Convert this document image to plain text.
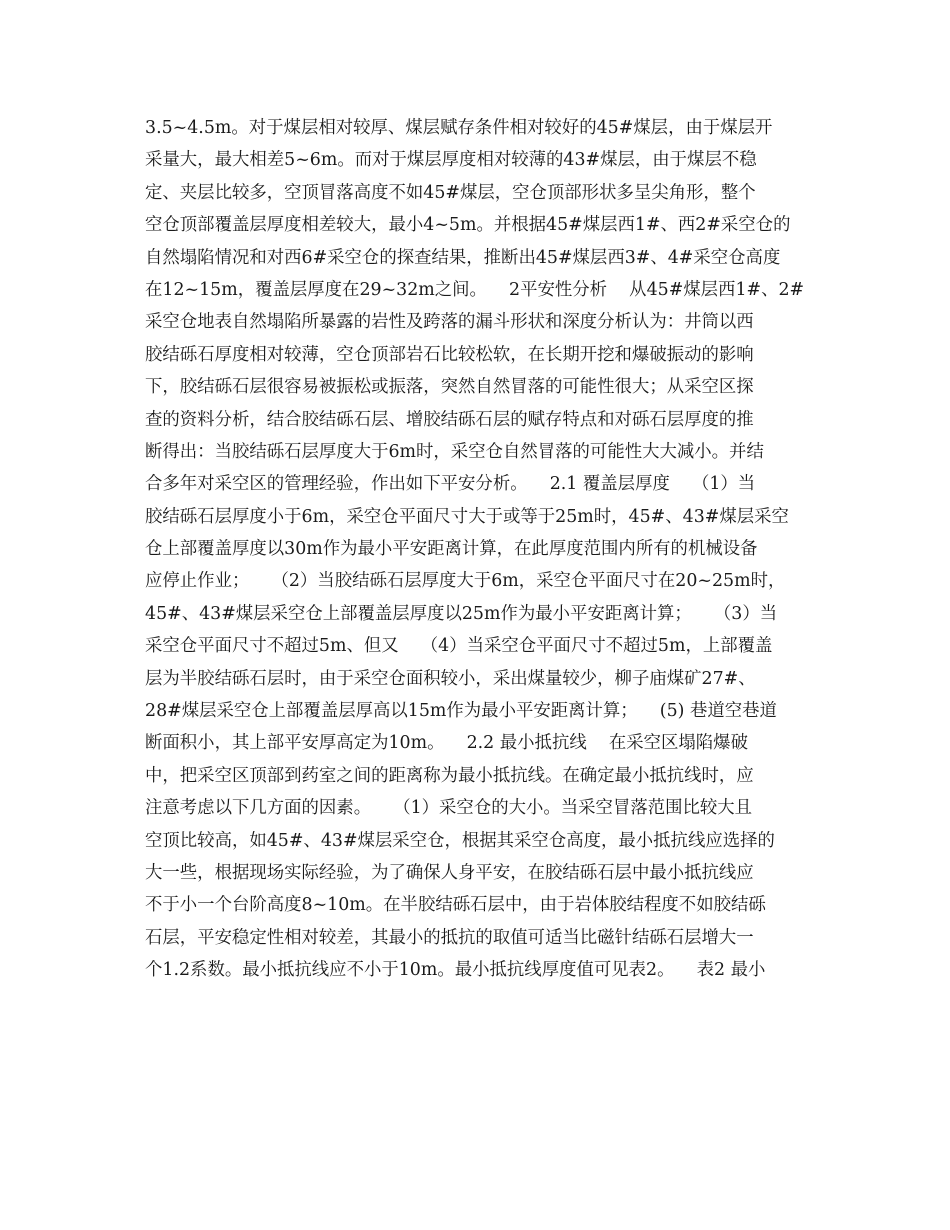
3.5~4.5m。对于煤层相对较厚、煤层赋存条件相对较好的45#煤层，由于煤层开
采量大，最大相差5~6m。而对于煤层厚度相对较薄的43#煤层，由于煤层不稳
定、夹层比较多，空顶冒落高度不如45#煤层，空仓顶部形状多呈尖角形，整个
空仓顶部覆盖层厚度相差较大，最小4~5m。并根据45#煤层西1#、西2#采空仓的
自然塌陷情况和对西6#采空仓的探查结果，推断出45#煤层西3#、4#采空仓高度
在12~15m，覆盖层厚度在29~32m之间。    2平安性分析    从45#煤层西1#、2#
采空仓地表自然塌陷所暴露的岩性及跨落的漏斗形状和深度分析认为：井筒以西
胶结砾石厚度相对较薄，空仓顶部岩石比较松软，在长期开挖和爆破振动的影响
下，胶结砾石层很容易被振松或振落，突然自然冒落的可能性很大；从采空区探
查的资料分析，结合胶结砾石层、增胶结砾石层的赋存特点和对砾石层厚度的推
断得出：当胶结砾石层厚度大于6m时，采空仓自然冒落的可能性大大减小。并结
合多年对采空区的管理经验，作出如下平安分析。    2.1 覆盖层厚度    （1）当
胶结砾石层厚度小于6m，采空仓平面尺寸大于或等于25m时，45#、43#煤层采空
仓上部覆盖厚度以30m作为最小平安距离计算，在此厚度范围内所有的机械设备
应停止作业；    （2）当胶结砾石层厚度大于6m，采空仓平面尺寸在20~25m时，
45#、43#煤层采空仓上部覆盖层厚度以25m作为最小平安距离计算；    （3）当
采空仓平面尺寸不超过5m、但又    （4）当采空仓平面尺寸不超过5m，上部覆盖
层为半胶结砾石层时，由于采空仓面积较小，采出煤量较少，柳子庙煤矿27#、
28#煤层采空仓上部覆盖层厚高以15m作为最小平安距离计算；    (5) 巷道空巷道
断面积小，其上部平安厚高定为10m。    2.2 最小抵抗线    在采空区塌陷爆破
中，把采空区顶部到药室之间的距离称为最小抵抗线。在确定最小抵抗线时，应
注意考虑以下几方面的因素。    （1）采空仓的大小。当采空冒落范围比较大且
空顶比较高，如45#、43#煤层采空仓，根据其采空仓高度，最小抵抗线应选择的
大一些，根据现场实际经验，为了确保人身平安，在胶结砾石层中最小抵抗线应
不于小一个台阶高度8~10m。在半胶结砾石层中，由于岩体胶结程度不如胶结砾
石层，平安稳定性相对较差，其最小的抵抗的取值可适当比磁针结砾石层增大一
个1.2系数。最小抵抗线应不小于10m。最小抵抗线厚度值可见表2。    表2 最小
